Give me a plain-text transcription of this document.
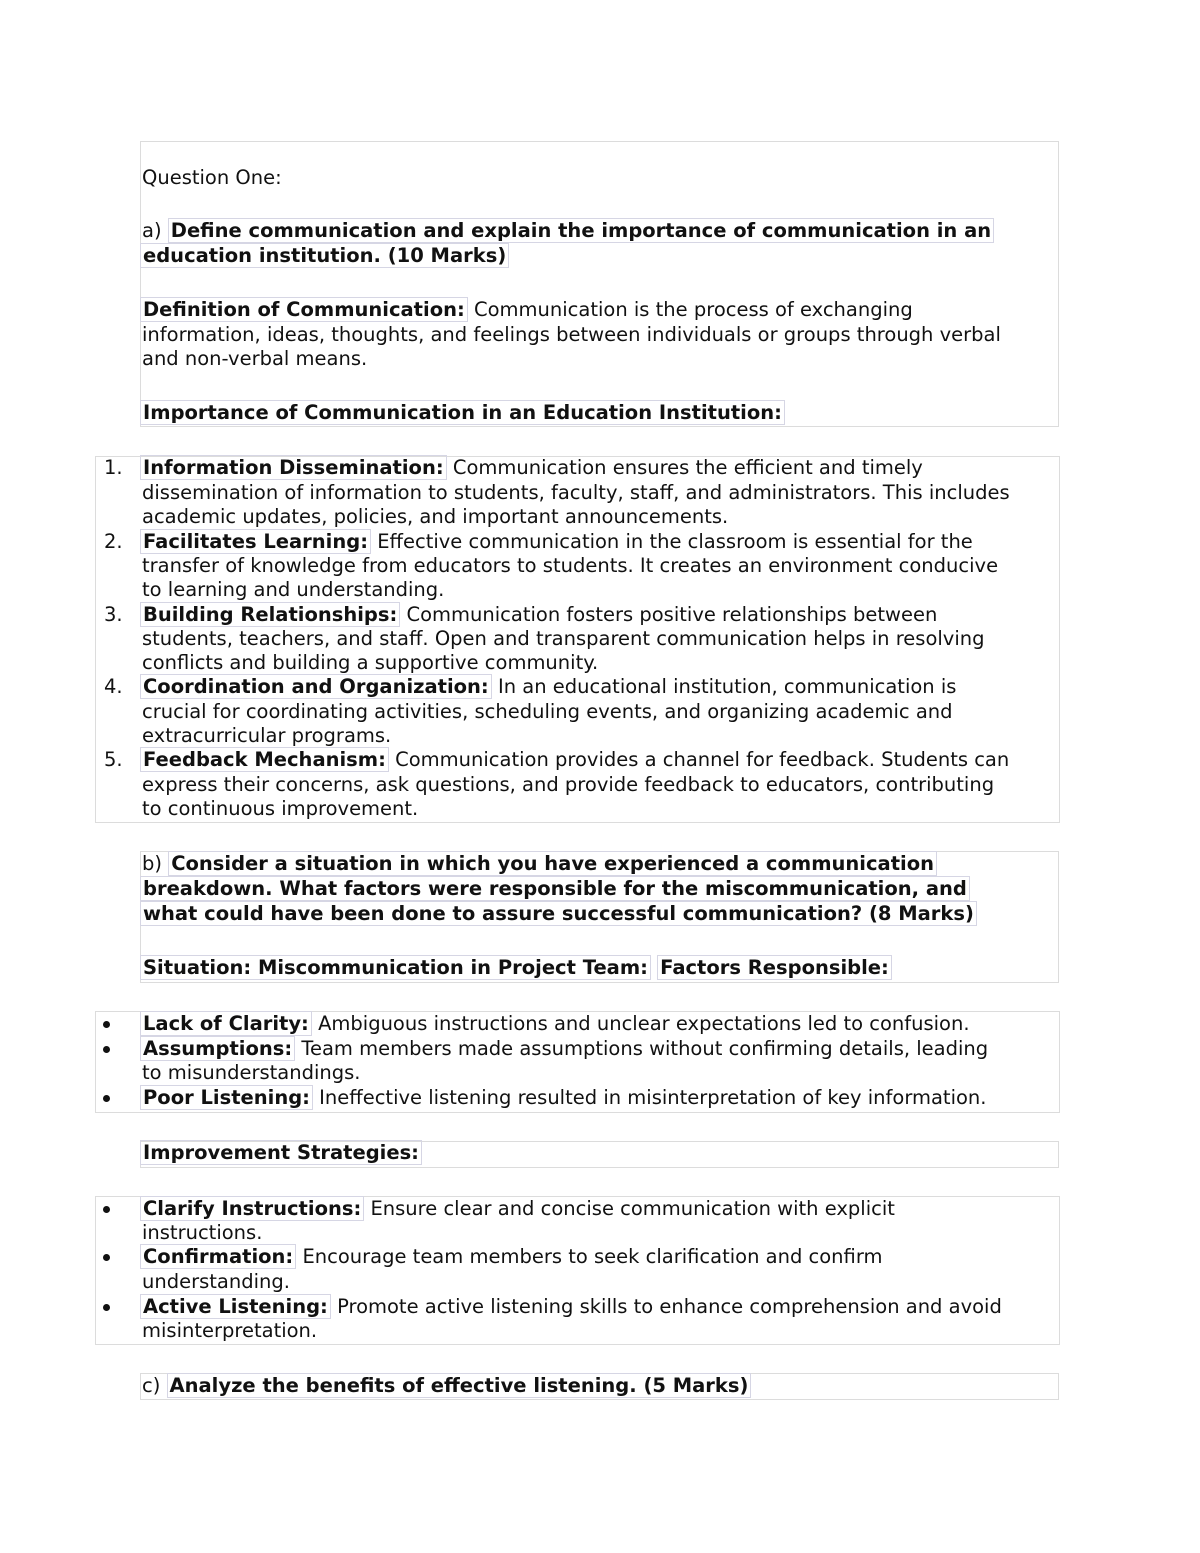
Question One:
a) Define communication and explain the importance of communication in an
education institution. (10 Marks)
Definition of Communication: Communication is the process of exchanging
information, ideas, thoughts, and feelings between individuals or groups through verbal
and non-verbal means.
Importance of Communication in an Education Institution:
1. Information Dissemination: Communication ensures the efficient and timely
dissemination of information to students, faculty, staff, and administrators. This includes
academic updates, policies, and important announcements.
2. Facilitates Learning: Effective communication in the classroom is essential for the
transfer of knowledge from educators to students. It creates an environment conducive
to learning and understanding.
3. Building Relationships: Communication fosters positive relationships between
students, teachers, and staff. Open and transparent communication helps in resolving
conflicts and building a supportive community.
4. Coordination and Organization: In an educational institution, communication is
crucial for coordinating activities, scheduling events, and organizing academic and
extracurricular programs.
5. Feedback Mechanism: Communication provides a channel for feedback. Students can
express their concerns, ask questions, and provide feedback to educators, contributing
to continuous improvement.
b) Consider a situation in which you have experienced a communication
breakdown. What factors were responsible for the miscommunication, and
what could have been done to assure successful communication? (8 Marks)
Situation: Miscommunication in Project Team: Factors Responsible:
Lack of Clarity: Ambiguous instructions and unclear expectations led to confusion.
Assumptions: Team members made assumptions without confirming details, leading
to misunderstandings.
Poor Listening: Ineffective listening resulted in misinterpretation of key information.
Improvement Strategies:
Clarify Instructions: Ensure clear and concise communication with explicit
instructions.
Confirmation: Encourage team members to seek clarification and confirm
understanding.
Active Listening: Promote active listening skills to enhance comprehension and avoid
misinterpretation.
c) Analyze the benefits of effective listening. (5 Marks)
